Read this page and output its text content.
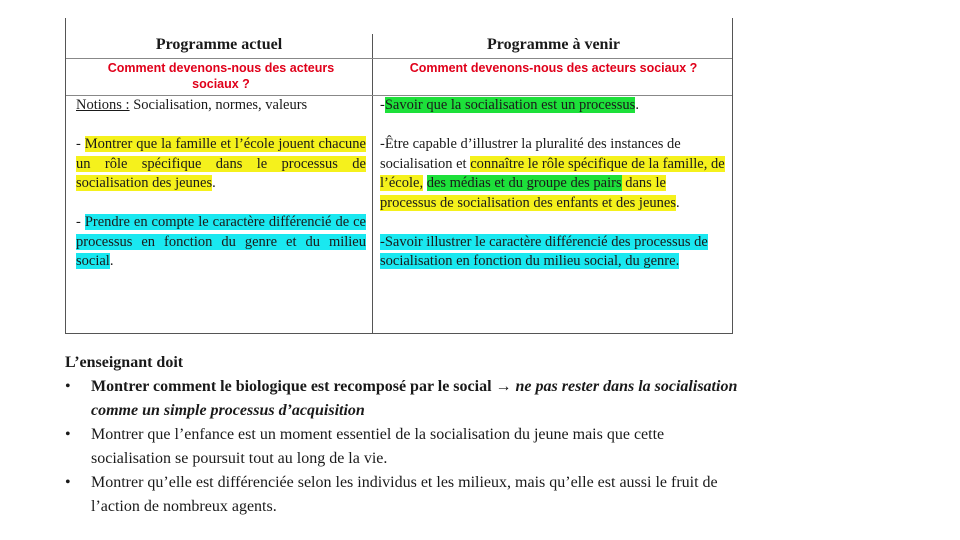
Programme actuel	Programme à venir
Comment devenons-nous des acteurs sociaux ?
Comment devenons-nous des acteurs sociaux ?

Notions : Socialisation, normes, valeurs

- Montrer que la famille et l’école jouent chacune un rôle spécifique dans le processus de socialisation des jeunes.

- Prendre en compte le caractère différencié de ce processus en fonction du genre et du milieu social.

-Savoir que la socialisation est un processus.

-Être capable d’illustrer la pluralité des instances de socialisation et connaître le rôle spécifique de la famille, de l’école, des médias et du groupe des pairs dans le processus de socialisation des enfants et des jeunes.

-Savoir illustrer le caractère différencié des processus de socialisation en fonction du milieu social, du genre.

L’enseignant doit
• Montrer comment le biologique est recomposé par le social → ne pas rester dans la socialisation comme un simple processus d’acquisition
• Montrer que l’enfance est un moment essentiel de la socialisation du jeune mais que cette socialisation se poursuit tout au long de la vie.
• Montrer qu’elle est différenciée selon les individus et les milieux, mais qu’elle est aussi le fruit de l’action de nombreux agents.
